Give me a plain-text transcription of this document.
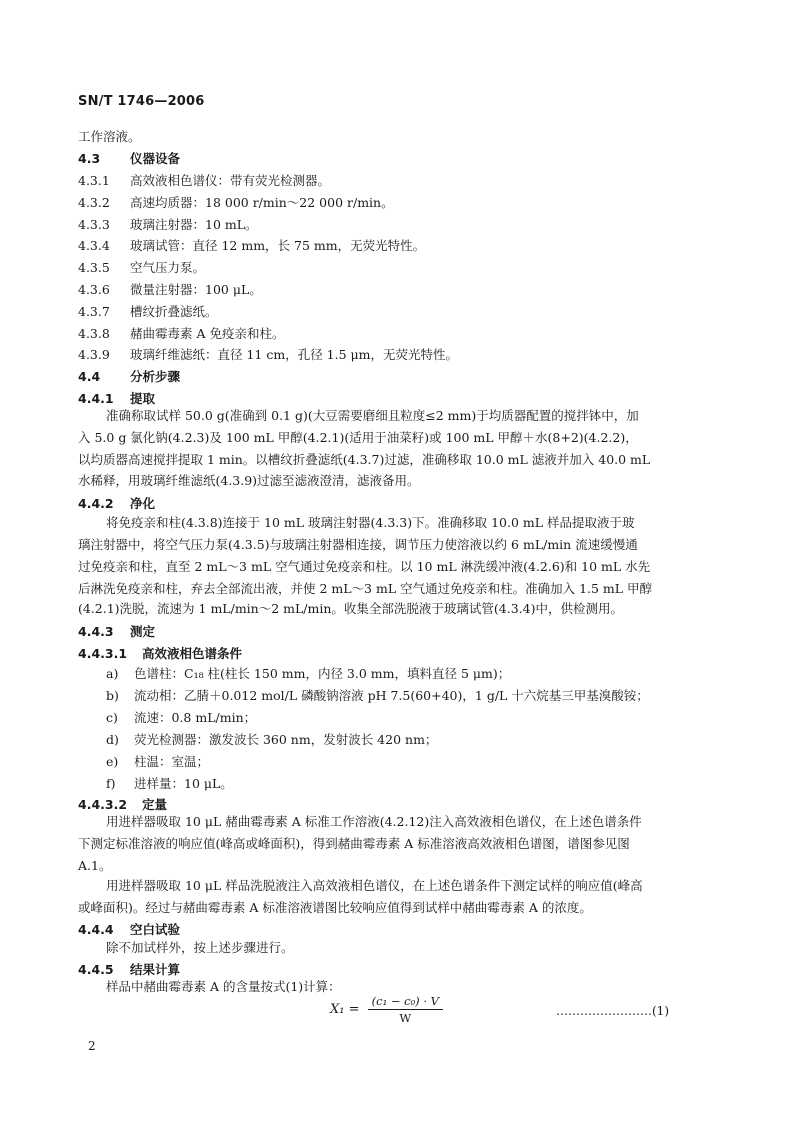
SN/T 1746—2006
工作溶液。
4.3 仪器设备
4.3.1 高效液相色谱仪：带有荧光检测器。
4.3.2 高速均质器：18 000 r/min～22 000 r/min。
4.3.3 玻璃注射器：10 mL。
4.3.4 玻璃试管：直径 12 mm，长 75 mm，无荧光特性。
4.3.5 空气压力泵。
4.3.6 微量注射器：100 μL。
4.3.7 槽纹折叠滤纸。
4.3.8 赭曲霉毒素 A 免疫亲和柱。
4.3.9 玻璃纤维滤纸：直径 11 cm，孔径 1.5 μm，无荧光特性。
4.4 分析步骤
4.4.1 提取
准确称取试样 50.0 g(准确到 0.1 g)(大豆需要磨细且粒度≤2 mm)于均质器配置的搅拌钵中，加
入 5.0 g 氯化钠(4.2.3)及 100 mL 甲醇(4.2.1)(适用于油菜籽)或 100 mL 甲醇＋水(8+2)(4.2.2)，
以均质器高速搅拌提取 1 min。以槽纹折叠滤纸(4.3.7)过滤，准确移取 10.0 mL 滤液并加入 40.0 mL
水稀释，用玻璃纤维滤纸(4.3.9)过滤至滤液澄清，滤液备用。
4.4.2 净化
将免疫亲和柱(4.3.8)连接于 10 mL 玻璃注射器(4.3.3)下。准确移取 10.0 mL 样品提取液于玻
璃注射器中，将空气压力泵(4.3.5)与玻璃注射器相连接，调节压力使溶液以约 6 mL/min 流速缓慢通
过免疫亲和柱，直至 2 mL～3 mL 空气通过免疫亲和柱。以 10 mL 淋洗缓冲液(4.2.6)和 10 mL 水先
后淋洗免疫亲和柱，弃去全部流出液，并使 2 mL～3 mL 空气通过免疫亲和柱。准确加入 1.5 mL 甲醇
(4.2.1)洗脱，流速为 1 mL/min～2 mL/min。收集全部洗脱液于玻璃试管(4.3.4)中，供检测用。
4.4.3 测定
4.4.3.1 高效液相色谱条件
a) 色谱柱：C₁₈ 柱(柱长 150 mm，内径 3.0 mm，填料直径 5 μm)；
b) 流动相：乙腈＋0.012 mol/L 磷酸钠溶液 pH 7.5(60+40)，1 g/L 十六烷基三甲基溴酸铵；
c) 流速：0.8 mL/min；
d) 荧光检测器：激发波长 360 nm，发射波长 420 nm；
e) 柱温：室温；
f) 进样量：10 μL。
4.4.3.2 定量
用进样器吸取 10 μL 赭曲霉毒素 A 标准工作溶液(4.2.12)注入高效液相色谱仪，在上述色谱条件
下测定标准溶液的响应值(峰高或峰面积)，得到赭曲霉毒素 A 标准溶液高效液相色谱图，谱图参见图
A.1。
用进样器吸取 10 μL 样品洗脱液注入高效液相色谱仪，在上述色谱条件下测定试样的响应值(峰高
或峰面积)。经过与赭曲霉毒素 A 标准溶液谱图比较响应值得到试样中赭曲霉毒素 A 的浓度。
4.4.4 空白试验
除不加试样外，按上述步骤进行。
4.4.5 结果计算
样品中赭曲霉毒素 A 的含量按式(1)计算：
$X_1 = \frac{\text{(c₁ − c₀) · V}}{W}$	……………………(1)
2
